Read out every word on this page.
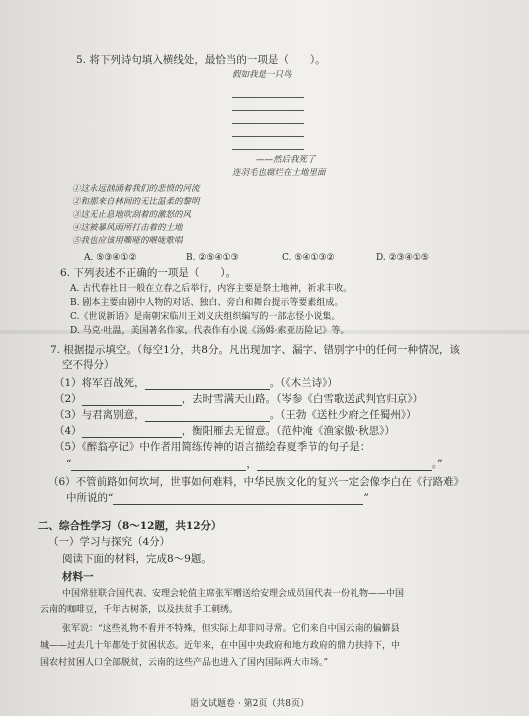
5. 将下列诗句填入横线处，最恰当的一项是（　　）。
假如我是一只鸟
——然后我死了
连羽毛也腐烂在土地里面
①这永远汹涌着我们的悲愤的河流
②和那来自林间的无比温柔的黎明
③这无止息地吹刮着的激怒的风
④这被暴风雨所打击着的土地
⑤我也应该用嘶哑的喉咙歌唱
A. ⑤③④①②	B. ②⑤④①③	C. ⑤④①③②	D. ②③④①⑤
6. 下列表述不正确的一项是（　　）。
A. 古代春社日一般在立春之后举行，内容主要是祭土地神，祈求丰收。
B. 剧本主要由剧中人物的对话、独白、旁白和舞台提示等要素组成。
C.《世说新语》是南朝宋临川王刘义庆组织编写的一部志怪小说集。
D. 马克·吐温，美国著名作家，代表作有小说《汤姆·索亚历险记》等。
7. 根据提示填空。（每空1分，共8分。凡出现加字、漏字、错别字中的任何一种情况，该
空不得分）
（1）将军百战死，	。（《木兰诗》）
（2）	，去时雪满天山路。（岑参《白雪歌送武判官归京》）
（3）与君离别意，	。（王勃《送杜少府之任蜀州》）
（4）	，衡阳雁去无留意。（范仲淹《渔家傲·秋思》）
（5）《醉翁亭记》中作者用简练传神的语言描绘春夏季节的句子是：
“	，	。”
（6）不管前路如何坎坷，世事如何难料，中华民族文化的复兴一定会像李白在《行路难》
中所说的“	”
二、综合性学习（8～12题，共12分）
（一）学习与探究（4分）
阅读下面的材料，完成8～9题。
材料一
中国常驻联合国代表、安理会轮值主席张军赠送给安理会成员国代表一份礼物——中国
云南的咖啡豆，千年古树茶，以及扶贫手工刺绣。
张军说：“这些礼物不看并不特殊，但实际上却非同寻常。它们来自中国云南的偏僻县
城——过去几十年都处于贫困状态。近年来，在中国中央政府和地方政府的鼎力扶持下，中
国农村贫困人口全部脱贫，云南的这些产品也进入了国内国际两大市场。”
语文试题卷 · 第2页（共8页）
